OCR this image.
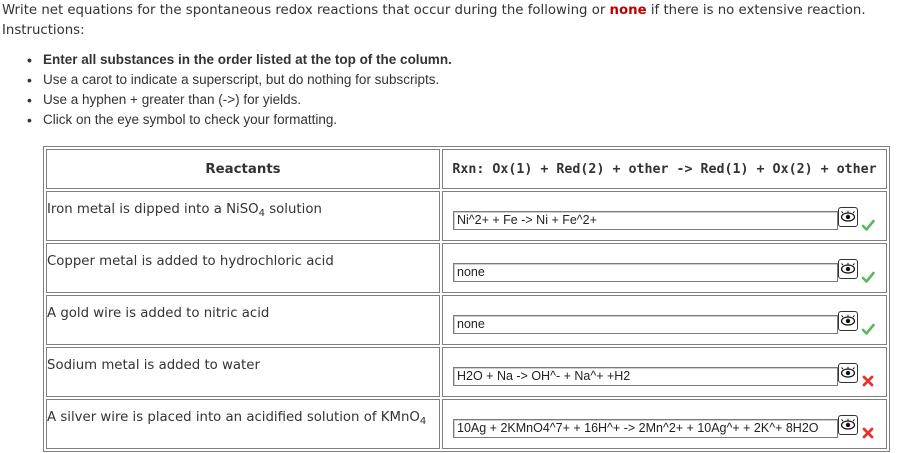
Write net equations for the spontaneous redox reactions that occur during the following or none if there is no extensive reaction.
Instructions:
• Enter all substances in the order listed at the top of the column.
• Use a carot to indicate a superscript, but do nothing for subscripts.
• Use a hyphen + greater than (->) for yields.
• Click on the eye symbol to check your formatting.
Reactants	Rxn: Ox(1) + Red(2) + other -> Red(1) + Ox(2) + other
Iron metal is dipped into a NiSO$_4$ solution	Ni^2+ + Fe -> Ni + Fe^2+

Copper metal is added to hydrochloric acid	none

A gold wire is added to nitric acid	none

Sodium metal is added to water	H2O + Na -> OH^- + Na^+ +H2

A silver wire is placed into an acidified solution of KMnO$_4$	10Ag + 2KMnO4^7+ + 16H^+ -> 2Mn^2+ + 10Ag^+ + 2K^+ 8H2O
